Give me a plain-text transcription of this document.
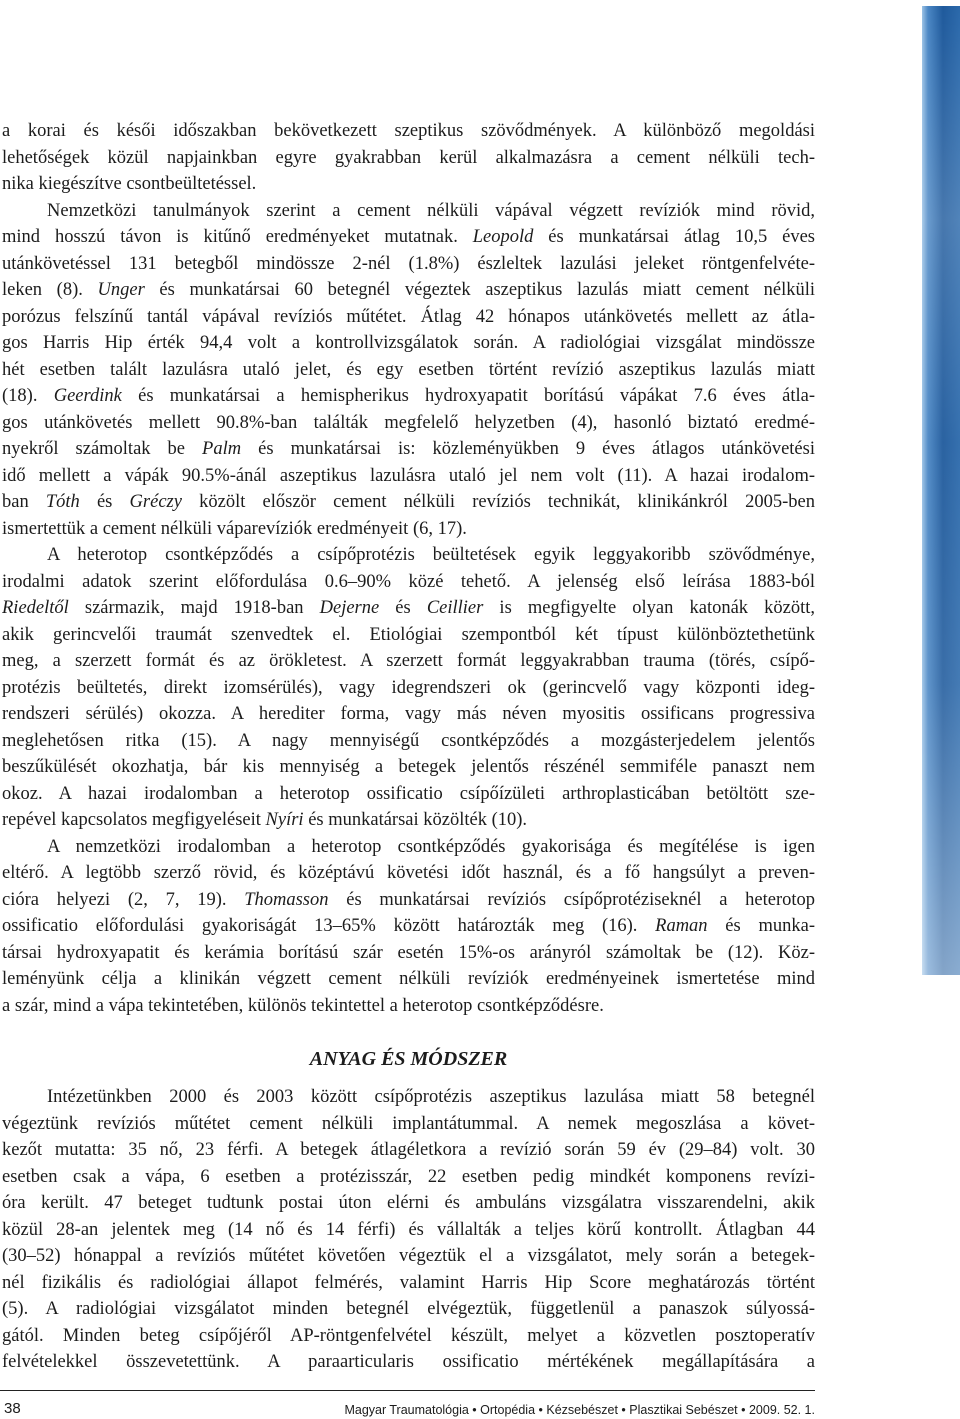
a korai és késői időszakban bekövetkezett szeptikus szövődmények. A különböző megoldási
lehetőségek közül napjainkban egyre gyakrabban kerül alkalmazásra a cement nélküli tech-
nika kiegészítve csontbeültetéssel.
Nemzetközi tanulmányok szerint a cement nélküli vápával végzett revíziók mind rövid,
mind hosszú távon is kitűnő eredményeket mutatnak. Leopold és munkatársai átlag 10,5 éves
utánkövetéssel 131 betegből mindössze 2-nél (1.8%) észleltek lazulási jeleket röntgenfelvéte-
leken (8). Unger és munkatársai 60 betegnél végeztek aszeptikus lazulás miatt cement nélküli
porózus felszínű tantál vápával revíziós műtétet. Átlag 42 hónapos utánkövetés mellett az átla-
gos Harris Hip érték 94,4 volt a kontrollvizsgálatok során. A radiológiai vizsgálat mindössze
hét esetben talált lazulásra utaló jelet, és egy esetben történt revízió aszeptikus lazulás miatt
(18). Geerdink és munkatársai a hemispherikus hydroxyapatit borítású vápákat 7.6 éves átla-
gos utánkövetés mellett 90.8%-ban találták megfelelő helyzetben (4), hasonló biztató eredmé-
nyekről számoltak be Palm és munkatársai is: közleményükben 9 éves átlagos utánkövetési
idő mellett a vápák 90.5%-ánál aszeptikus lazulásra utaló jel nem volt (11). A hazai irodalom-
ban Tóth és Gréczy közölt először cement nélküli revíziós technikát, klinikánkról 2005-ben
ismertettük a cement nélküli váparevíziók eredményeit (6, 17).
A heterotop csontképződés a csípőprotézis beültetések egyik leggyakoribb szövődménye,
irodalmi adatok szerint előfordulása 0.6–90% közé tehető. A jelenség első leírása 1883-ból
Riedeltől származik, majd 1918-ban Dejerne és Ceillier is megfigyelte olyan katonák között,
akik gerincvelői traumát szenvedtek el. Etiológiai szempontból két típust különböztethetünk
meg, a szerzett formát és az örökletest. A szerzett formát leggyakrabban trauma (törés, csípő-
protézis beültetés, direkt izomsérülés), vagy idegrendszeri ok (gerincvelő vagy központi ideg-
rendszeri sérülés) okozza. A herediter forma, vagy más néven myositis ossificans progressiva
meglehetősen ritka (15). A nagy mennyiségű csontképződés a mozgásterjedelem jelentős
beszűkülését okozhatja, bár kis mennyiség a betegek jelentős részénél semmiféle panaszt nem
okoz. A hazai irodalomban a heterotop ossificatio csípőízületi arthroplasticában betöltött sze-
repével kapcsolatos megfigyeléseit Nyíri és munkatársai közölték (10).
A nemzetközi irodalomban a heterotop csontképződés gyakorisága és megítélése is igen
eltérő. A legtöbb szerző rövid, és középtávú követési időt használ, és a fő hangsúlyt a preven-
cióra helyezi (2, 7, 19). Thomasson és munkatársai revíziós csípőprotéziseknél a heterotop
ossificatio előfordulási gyakoriságát 13–65% között határozták meg (16). Raman és munka-
társai hydroxyapatit és kerámia borítású szár esetén 15%-os arányról számoltak be (12). Köz-
leményünk célja a klinikán végzett cement nélküli revíziók eredményeinek ismertetése mind
a szár, mind a vápa tekintetében, különös tekintettel a heterotop csontképződésre.
ANYAG ÉS MÓDSZER
Intézetünkben 2000 és 2003 között csípőprotézis aszeptikus lazulása miatt 58 betegnél
végeztünk revíziós műtétet cement nélküli implantátummal. A nemek megoszlása a követ-
kezőt mutatta: 35 nő, 23 férfi. A betegek átlagéletkora a revízió során 59 év (29–84) volt. 30
esetben csak a vápa, 6 esetben a protézisszár, 22 esetben pedig mindkét komponens revízi-
óra került. 47 beteget tudtunk postai úton elérni és ambuláns vizsgálatra visszarendelni, akik
közül 28-an jelentek meg (14 nő és 14 férfi) és vállalták a teljes körű kontrollt. Átlagban 44
(30–52) hónappal a revíziós műtétet követően végeztük el a vizsgálatot, mely során a betegek-
nél fizikális és radiológiai állapot felmérés, valamint Harris Hip Score meghatározás történt
(5). A radiológiai vizsgálatot minden betegnél elvégeztük, függetlenül a panaszok súlyossá-
gától. Minden beteg csípőjéről AP-röntgenfelvétel készült, melyet a közvetlen posztoperatív
felvételekkel összevetettünk. A paraarticularis ossificatio mértékének megállapítására a
38	Magyar Traumatológia • Ortopédia • Kézsebészet • Plasztikai Sebészet • 2009. 52. 1.
